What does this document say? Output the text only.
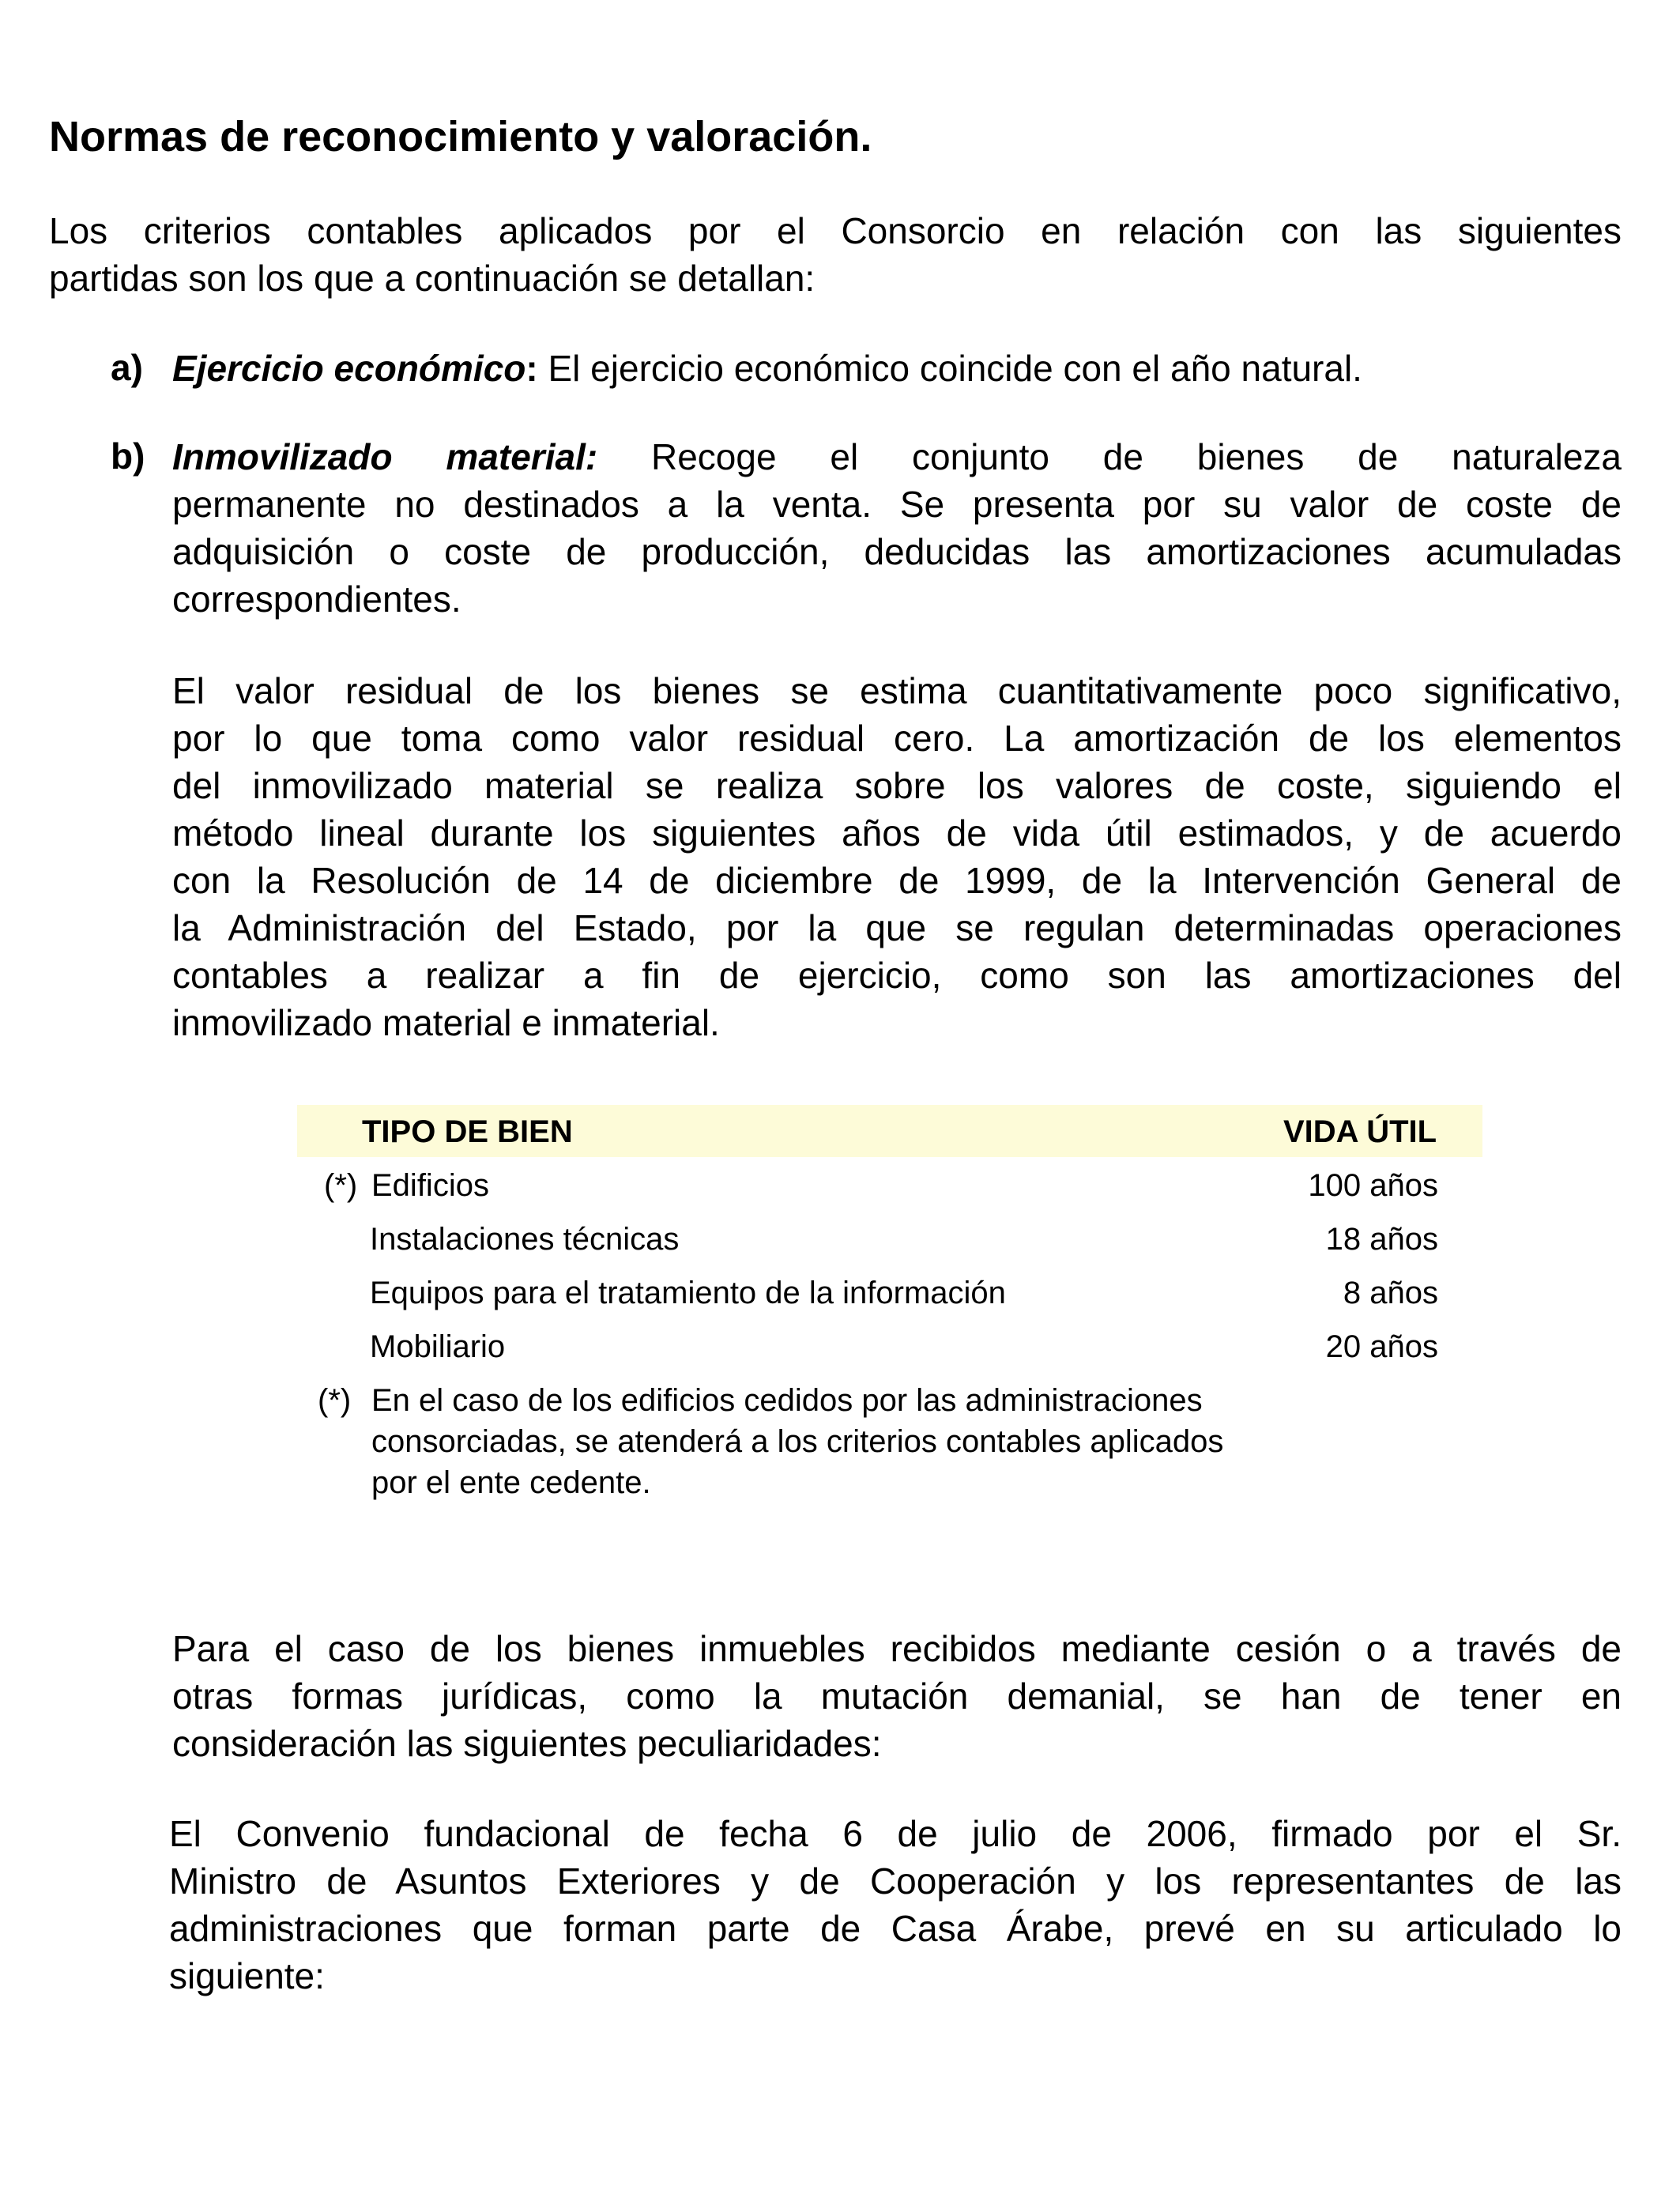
Normas de reconocimiento y valoración.
Los criterios contables aplicados por el Consorcio en relación con las siguientes
partidas son los que a continuación se detallan:
a) Ejercicio económico: El ejercicio económico coincide con el año natural.
b) Inmovilizado material: Recoge el conjunto de bienes de naturaleza
permanente no destinados a la venta. Se presenta por su valor de coste de
adquisición o coste de producción, deducidas las amortizaciones acumuladas
correspondientes.
El valor residual de los bienes se estima cuantitativamente poco significativo,
por lo que toma como valor residual cero. La amortización de los elementos
del inmovilizado material se realiza sobre los valores de coste, siguiendo el
método lineal durante los siguientes años de vida útil estimados, y de acuerdo
con la Resolución de 14 de diciembre de 1999, de la Intervención General de
la Administración del Estado, por la que se regulan determinadas operaciones
contables a realizar a fin de ejercicio, como son las amortizaciones del
inmovilizado material e inmaterial.
TIPO DE BIEN	VIDA ÚTIL
(*) Edificios	100 años
Instalaciones técnicas	18 años
Equipos para el tratamiento de la información	8 años
Mobiliario	20 años
(*) En el caso de los edificios cedidos por las administraciones
consorciadas, se atenderá a los criterios contables aplicados
por el ente cedente.
Para el caso de los bienes inmuebles recibidos mediante cesión o a través de
otras formas jurídicas, como la mutación demanial, se han de tener en
consideración las siguientes peculiaridades:
El Convenio fundacional de fecha 6 de julio de 2006, firmado por el Sr.
Ministro de Asuntos Exteriores y de Cooperación y los representantes de las
administraciones que forman parte de Casa Árabe, prevé en su articulado lo
siguiente:
